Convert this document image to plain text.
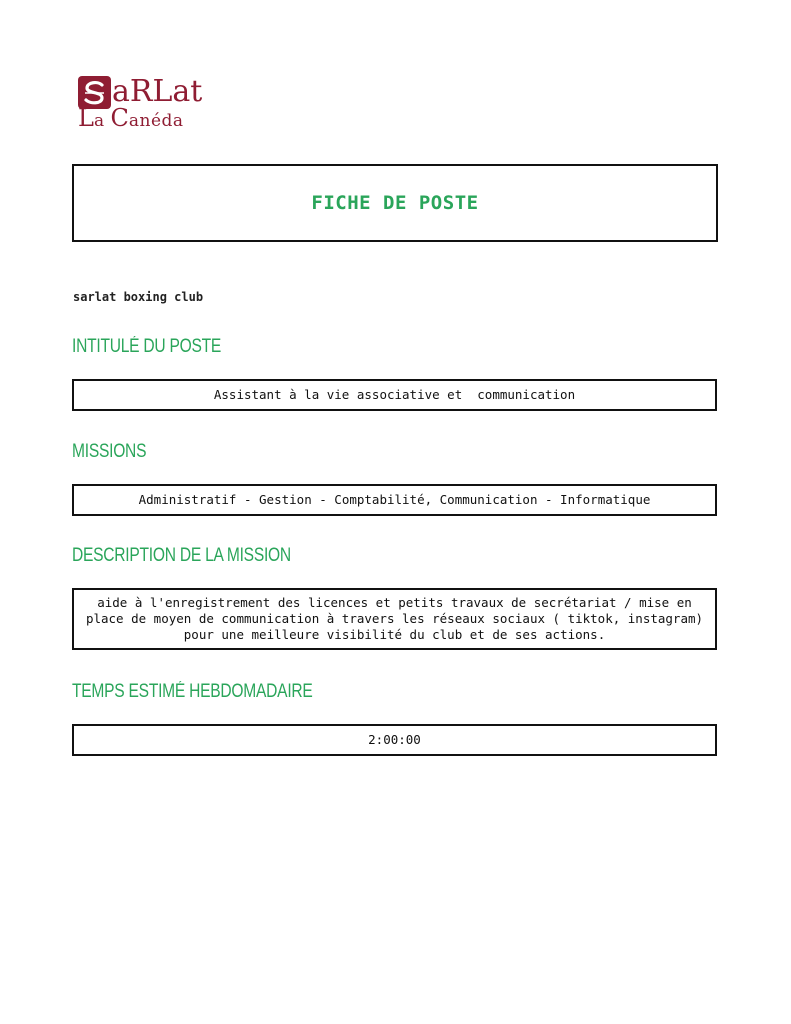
aRLat
La Canéda
FICHE DE POSTE
sarlat boxing club
INTITULÉ DU POSTE
Assistant à la vie associative et  communication
MISSIONS
Administratif - Gestion - Comptabilité, Communication - Informatique
DESCRIPTION DE LA MISSION
aide à l'enregistrement des licences et petits travaux de secrétariat / mise en place de moyen de communication à travers les réseaux sociaux ( tiktok, instagram) pour une meilleure visibilité du club et de ses actions.
TEMPS ESTIMÉ HEBDOMADAIRE
2:00:00
